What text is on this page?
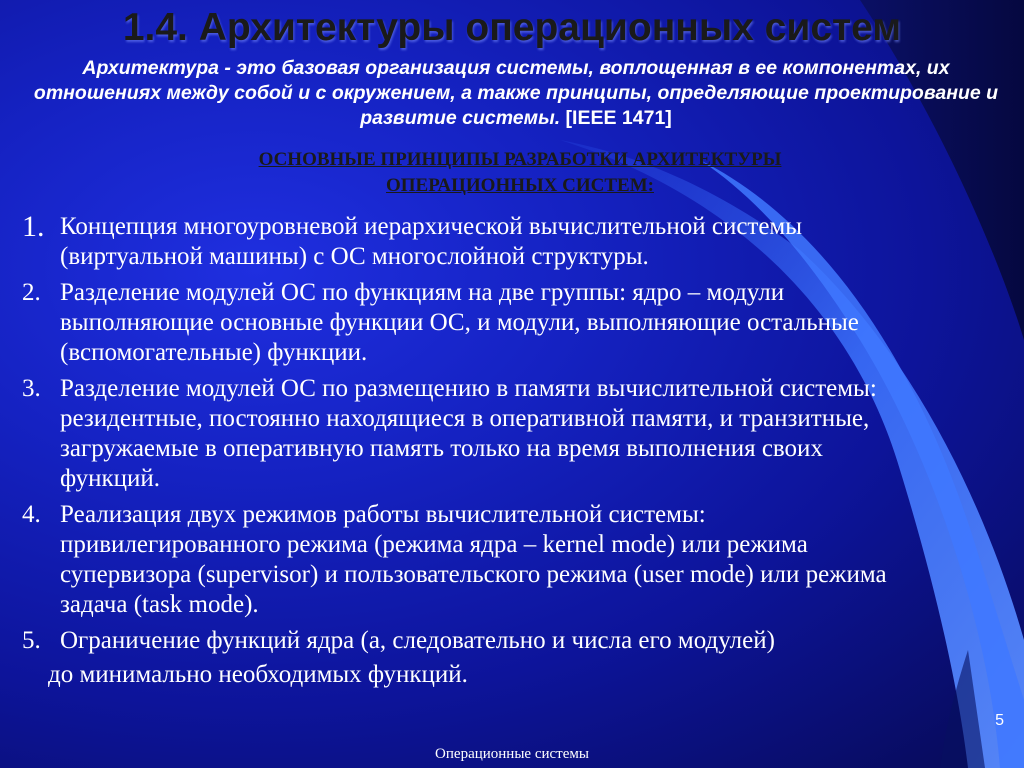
1.4. Архитектуры операционных систем
Архитектура - это базовая организация системы, воплощенная в ее компонентах, их отношениях между собой и с окружением, а также принципы, определяющие проектирование и развитие системы. [IEEE 1471]
ОСНОВНЫЕ ПРИНЦИПЫ РАЗРАБОТКИ АРХИТЕКТУРЫ
ОПЕРАЦИОННЫХ СИСТЕМ:
1. Концепция многоуровневой иерархической вычислительной системы
(виртуальной машины) с ОС многослойной структуры.
2. Разделение модулей ОС по функциям на две группы: ядро – модули
выполняющие основные функции ОС, и модули, выполняющие остальные
(вспомогательные) функции.
3. Разделение модулей ОС по размещению в памяти вычислительной системы:
резидентные, постоянно находящиеся в оперативной памяти, и транзитные,
загружаемые в оперативную память только на время выполнения своих
функций.
4. Реализация двух режимов работы вычислительной системы:
привилегированного режима (режима ядра – kernel mode) или режима
супервизора (supervisor) и пользовательского режима (user mode) или режима
задача (task mode).
5. Ограничение функций ядра (а, следовательно и числа его модулей)
до минимально необходимых функций.
5
Операционные системы
